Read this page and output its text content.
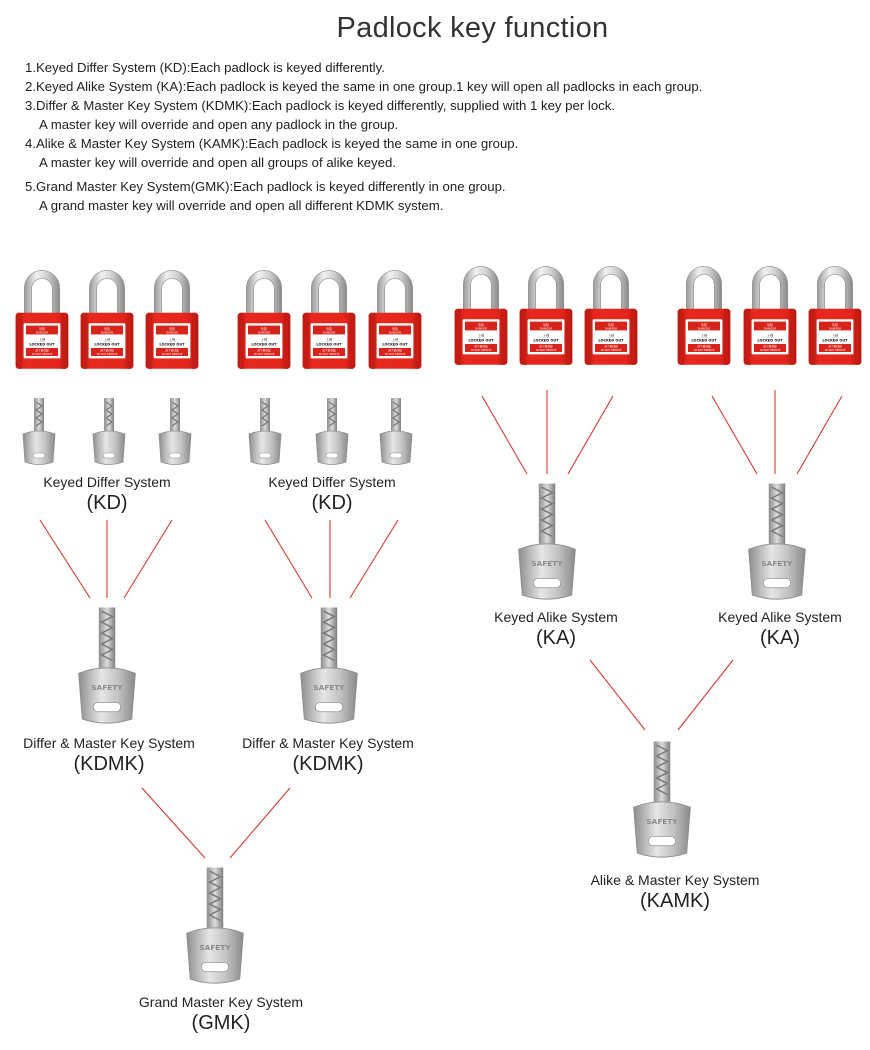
Padlock key function
1.Keyed Differ System (KD):Each padlock is keyed differently.
2.Keyed Alike System (KA):Each padlock is keyed the same in one group.1 key will open all padlocks in each group.
3.Differ & Master Key System (KDMK):Each padlock is keyed differently, supplied with 1 key per lock.
A master key will override and open any padlock in the group.
4.Alike & Master Key System (KAMK):Each padlock is keyed the same in one group.
A master key will override and open all groups of alike keyed.
5.Grand Master Key System(GMK):Each padlock is keyed differently in one group.
A grand master key will override and open all different KDMK system.
Keyed Differ System
(KD)
Keyed Differ System
(KD)
Keyed Alike System
(KA)
Keyed Alike System
(KA)
Differ & Master Key System
(KDMK)
Differ & Master Key System
(KDMK)
Alike & Master Key System
(KAMK)
Grand Master Key System
(GMK)
